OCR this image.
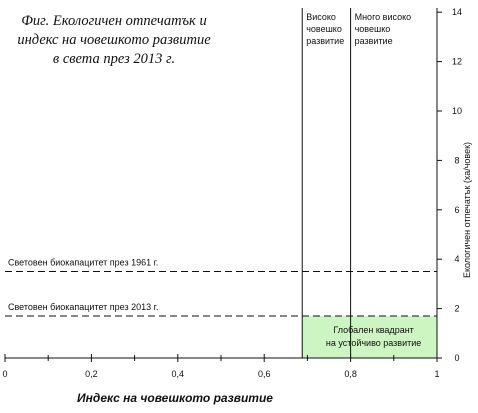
Фиг. Екологичен отпечатък и
индекс на човешкото развитие
в света през 2013 г.
Глобален квадрант
на устойчиво развитие
Световен биокапацитет през 1961 г.
Световен биокапацитет през 2013 г.
Високо
човешко
развитие
Много високо
човешко
развитие
0	0,2	0,4	0,6	0,8	1
0
2
4
6
8
10
12
14
Екологичен отпечатък (ха/човек)
Индекс на човешкото развитие
